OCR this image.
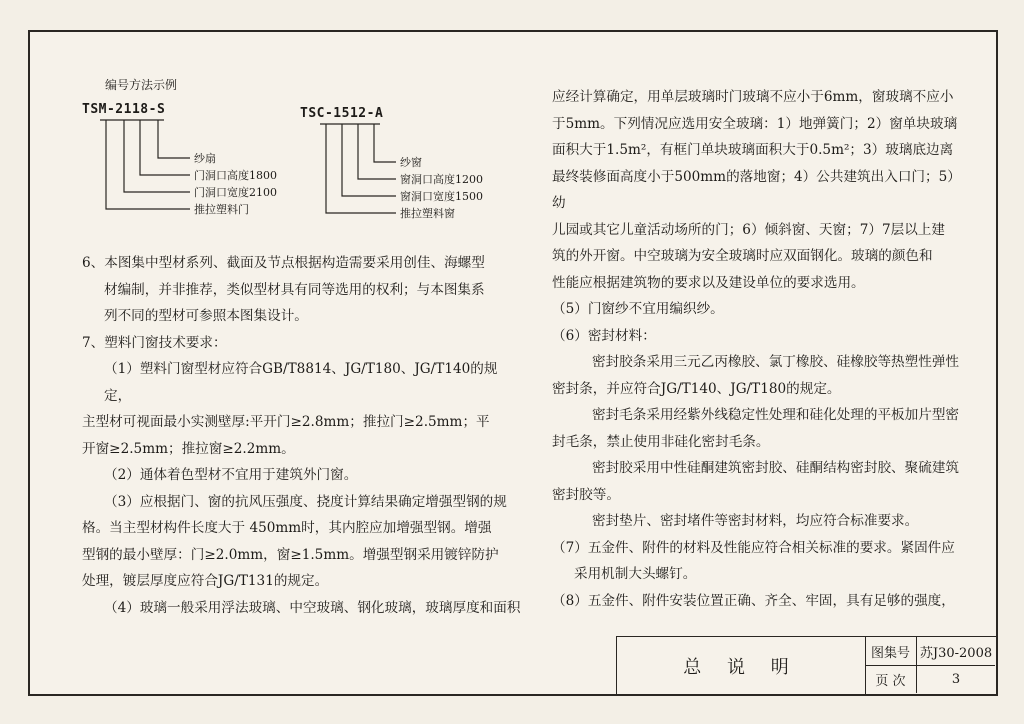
编号方法示例
TSM-2118-S
纱扇
门洞口高度1800
门洞口宽度2100
推拉塑料门
TSC-1512-A
纱窗
窗洞口高度1200
窗洞口宽度1500
推拉塑料窗

6、本图集中型材系列、截面及节点根据构造需要采用创佳、海螺型

材编制，并非推荐，类似型材具有同等选用的权利；与本图集系

列不同的型材可参照本图集设计。

7、塑料门窗技术要求：

（1）塑料门窗型材应符合GB/T8814、JG/T180、JG/T140的规定，

主型材可视面最小实测壁厚:平开门≥2.8mm；推拉门≥2.5mm；平

开窗≥2.5mm；推拉窗≥2.2mm。

（2）通体着色型材不宜用于建筑外门窗。

（3）应根据门、窗的抗风压强度、挠度计算结果确定增强型钢的规

格。当主型材构件长度大于 450mm时，其内腔应加增强型钢。增强

型钢的最小壁厚：门≥2.0mm，窗≥1.5mm。增强型钢采用镀锌防护

处理，镀层厚度应符合JG/T131的规定。

（4）玻璃一般采用浮法玻璃、中空玻璃、钢化玻璃，玻璃厚度和面积

应经计算确定，用单层玻璃时门玻璃不应小于6mm，窗玻璃不应小

于5mm。下列情况应选用安全玻璃：1）地弹簧门；2）窗单块玻璃

面积大于1.5m²，有框门单块玻璃面积大于0.5m²；3）玻璃底边离

最终装修面高度小于500mm的落地窗；4）公共建筑出入口门；5）幼

儿园或其它儿童活动场所的门；6）倾斜窗、天窗；7）7层以上建

筑的外开窗。中空玻璃为安全玻璃时应双面钢化。玻璃的颜色和

性能应根据建筑物的要求以及建设单位的要求选用。

（5）门窗纱不宜用编织纱。

（6）密封材料：

密封胶条采用三元乙丙橡胶、氯丁橡胶、硅橡胶等热塑性弹性

密封条，并应符合JG/T140、JG/T180的规定。

密封毛条采用经紫外线稳定性处理和硅化处理的平板加片型密

封毛条，禁止使用非硅化密封毛条。

密封胶采用中性硅酮建筑密封胶、硅酮结构密封胶、聚硫建筑

密封胶等。

密封垫片、密封堵件等密封材料，均应符合标准要求。

（7）五金件、附件的材料及性能应符合相关标准的要求。紧固件应

采用机制大头螺钉。

（8）五金件、附件安装位置正确、齐全、牢固，具有足够的强度，

总 说 明
图集号 苏J30-2008
页 次	3
